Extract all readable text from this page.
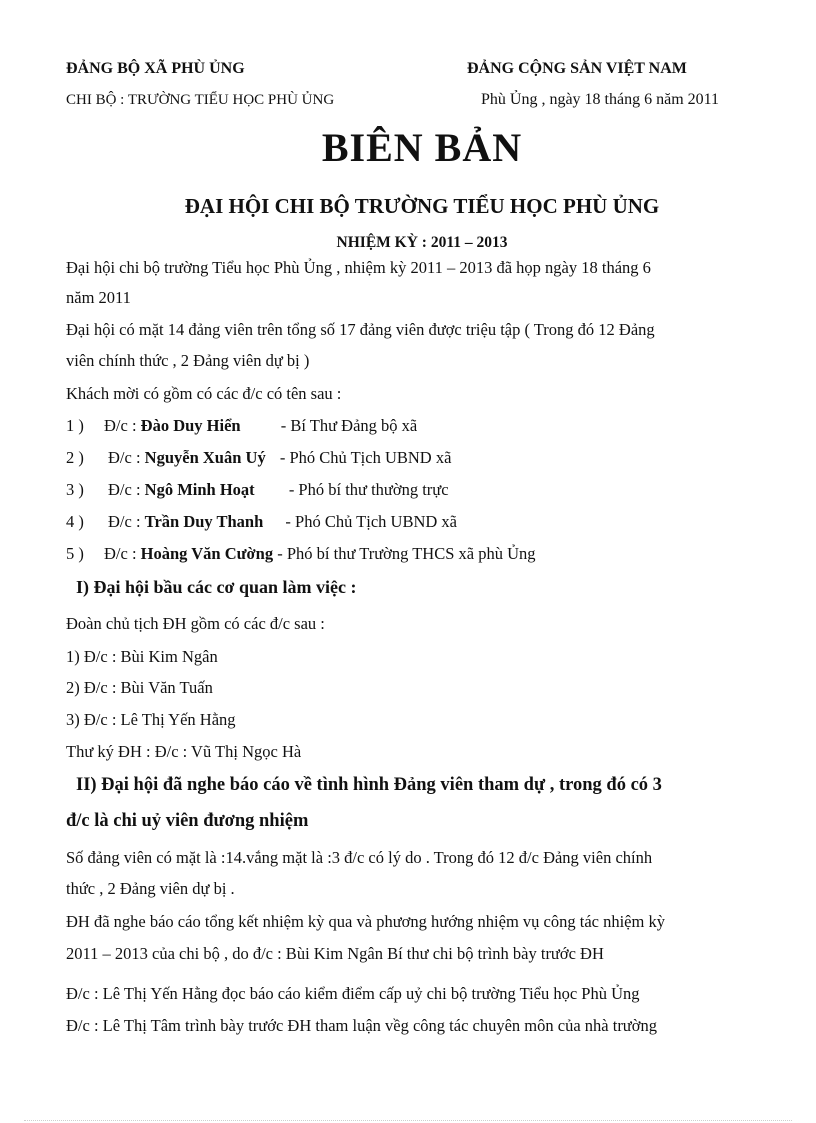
ĐẢNG BỘ XÃ PHÙ ỦNG	ĐẢNG CỘNG SẢN VIỆT NAM
CHI BỘ : TRƯỜNG TIỂU HỌC PHÙ ỦNG	Phù Ủng , ngày 18 tháng 6 năm 2011
BIÊN BẢN
ĐẠI HỘI CHI BỘ TRƯỜNG TIỂU HỌC PHÙ ỦNG
NHIỆM KỲ : 2011 – 2013
Đại hội chi bộ trường Tiểu học Phù Ủng , nhiệm kỳ 2011 – 2013 đã họp ngày 18 tháng 6
năm 2011
Đại hội có mặt 14 đảng viên trên tổng số 17 đảng viên được triệu tập ( Trong đó 12 Đảng
viên chính thức , 2 Đảng viên dự bị )
Khách mời có gồm có các đ/c có tên sau :
1 ) Đ/c : Đào Duy Hiển - Bí Thư Đảng bộ xã
2 ) Đ/c : Nguyễn Xuân Uý - Phó Chủ Tịch UBND xã
3 ) Đ/c : Ngô Minh Hoạt - Phó bí thư thường trực
4 ) Đ/c : Trần Duy Thanh - Phó Chủ Tịch UBND xã
5 ) Đ/c : Hoàng Văn Cường - Phó bí thư Trường THCS xã phù Ủng
I) Đại hội bầu các cơ quan làm việc :
Đoàn chủ tịch ĐH gồm có các đ/c sau :
1) Đ/c : Bùi Kim Ngân
2) Đ/c : Bùi Văn Tuấn
3) Đ/c : Lê Thị Yến Hằng
Thư ký ĐH : Đ/c : Vũ Thị Ngọc Hà
II) Đại hội đã nghe báo cáo về tình hình Đảng viên tham dự , trong đó có 3
đ/c là chi uỷ viên đương nhiệm
Số đảng viên có mặt là :14.vắng mặt là :3 đ/c có lý do . Trong đó 12 đ/c Đảng viên chính
thức , 2 Đảng viên dự bị .
ĐH đã nghe báo cáo tổng kết nhiệm kỳ qua và phương hướng nhiệm vụ công tác nhiệm kỳ
2011 – 2013 của chi bộ , do đ/c : Bùi Kim Ngân Bí thư chi bộ trình bày trước ĐH
Đ/c : Lê Thị Yến Hằng đọc báo cáo kiểm điểm cấp uỷ chi bộ trường Tiểu học Phù Ủng
Đ/c : Lê Thị Tâm trình bày trước ĐH tham luận vềg công tác chuyên môn của nhà trường
